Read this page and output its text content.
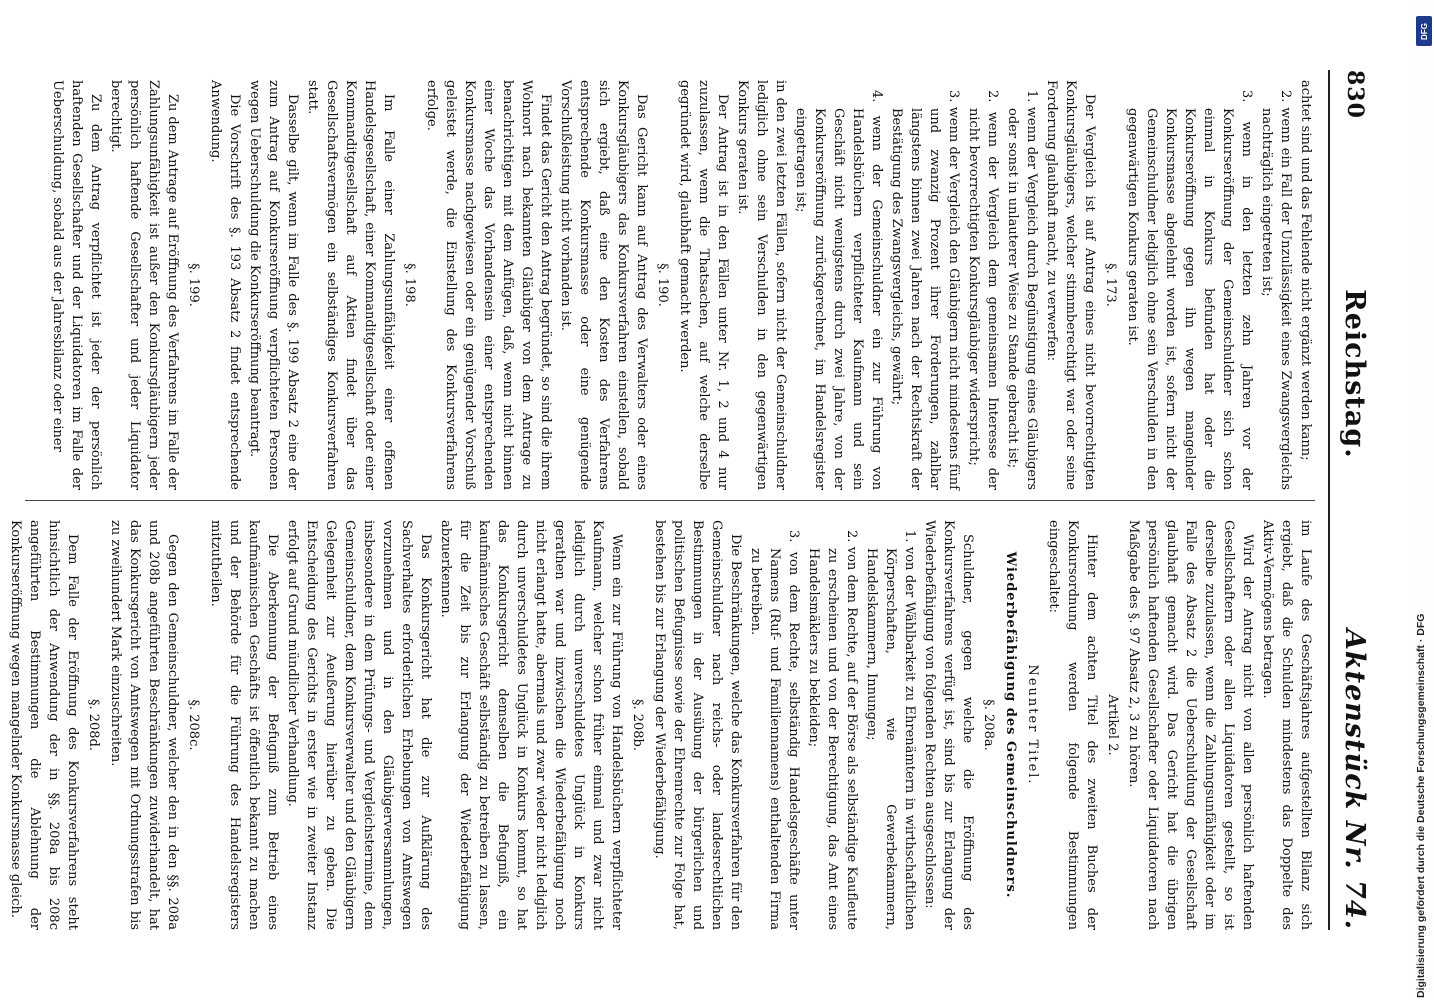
830
Reichstag.
Aktenstück Nr. 74.

achtet sind und das Fehlende nicht ergänzt werden kann;

2. wenn ein Fall der Unzulässigkeit eines Zwangsvergleichs nachträglich eingetreten ist;

3. wenn in den letzten zehn Jahren vor der Konkurseröffnung der Gemeinschuldner sich schon einmal in Konkurs befunden hat oder die Konkurseröffnung gegen ihn wegen mangelnder Konkursmasse abgelehnt worden ist, sofern nicht der Gemeinschuldner lediglich ohne sein Verschulden in den gegenwärtigen Konkurs geraten ist.

§. 173.

Der Vergleich ist auf Antrag eines nicht bevorrechtigten Konkursgläubigers, welcher stimmberechtigt war oder seine Forderung glaubhaft macht, zu verwerfen:

1. wenn der Vergleich durch Begünstigung eines Gläubigers oder sonst in unlauterer Weise zu Stande gebracht ist;

2. wenn der Vergleich dem gemeinsamen Interesse der nicht bevorrechtigten Konkursgläubiger widerspricht;

3. wenn der Vergleich den Gläubigern nicht mindestens fünf und zwanzig Prozent ihrer Forderungen, zahlbar längstens binnen zwei Jahren nach der Rechtskraft der Bestätigung des Zwangsvergleichs, gewährt;

4. wenn der Gemeinschuldner ein zur Führung von Handelsbüchern verpflichteter Kaufmann und sein Geschäft nicht wenigstens durch zwei Jahre, von der Konkurseröffnung zurückgerechnet, im Handelsregister eingetragen ist;

in den zwei letzten Fällen, sofern nicht der Gemeinschuldner lediglich ohne sein Verschulden in den gegenwärtigen Konkurs geraten ist.

Der Antrag ist in den Fällen unter Nr. 1, 2 und 4 nur zuzulassen, wenn die Thatsachen, auf welche derselbe gegründet wird, glaubhaft gemacht werden.

§. 190.

Das Gericht kann auf Antrag des Verwalters oder eines Konkursgläubigers das Konkursverfahren einstellen, sobald sich ergiebt, daß eine den Kosten des Verfahrens entsprechende Konkursmasse oder eine genügende Vorschußleistung nicht vorhanden ist.

Findet das Gericht den Antrag begründet, so sind die ihrem Wohnort nach bekannten Gläubiger von dem Antrage zu benachrichtigen mit dem Anfügen, daß, wenn nicht binnen einer Woche das Vorhandensein einer entsprechenden Konkursmasse nachgewiesen oder ein genügender Vorschuß geleistet werde, die Einstellung des Konkursverfahrens erfolge.

§. 198.

Im Falle einer Zahlungsunfähigkeit einer offenen Handelsgesellschaft, einer Kommanditgesellschaft oder einer Kommanditgesellschaft auf Aktien findet über das Gesellschaftsvermögen ein selbständiges Konkursverfahren statt.

Dasselbe gilt, wenn im Falle des §. 199 Absatz 2 eine der zum Antrag auf Konkurseröffnung verpflichteten Personen wegen Ueberschuldung die Konkurseröffnung beantragt.

Die Vorschrift des §. 193 Absatz 2 findet entsprechende Anwendung.

§. 199.

Zu dem Antrage auf Eröffnung des Verfahrens im Falle der Zahlungsunfähigkeit ist außer den Konkursgläubigern jeder persönlich haftende Gesellschafter und jeder Liquidator berechtigt.

Zu dem Antrag verpflichtet ist jeder der persönlich haftenden Gesellschafter und der Liquidatoren im Falle der Ueberschuldung, sobald aus der Jahresbilanz oder einer

im Laufe des Geschäftsjahres aufgestellten Bilanz sich ergiebt, daß die Schulden mindestens das Doppelte des Aktiv-Vermögens betragen.

Wird der Antrag nicht von allen persönlich haftenden Gesellschaftern oder allen Liquidatoren gestellt, so ist derselbe zuzulassen, wenn die Zahlungsunfähigkeit oder im Falle des Absatz 2 die Ueberschuldung der Gesellschaft glaubhaft gemacht wird. Das Gericht hat die übrigen persönlich haftenden Gesellschafter oder Liquidatoren nach Maßgabe des §. 97 Absatz 2, 3 zu hören.

Artikel 2.

Hinter dem achten Titel des zweiten Buches der Konkursordnung werden folgende Bestimmungen eingeschaltet:

Neunter Titel.

Wiederbefähigung des Gemeinschuldners.

§. 208a.

Schuldner, gegen welche die Eröffnung des Konkursverfahrens verfügt ist, sind bis zur Erlangung der Wiederbefähigung von folgenden Rechten ausgeschlossen:

1. von der Wählbarkeit zu Ehrenämtern in wirthschaftlichen Körperschaften, wie Gewerbekammern, Handelskammern, Innungen;

2. von dem Rechte, auf der Börse als selbständige Kaufleute zu erscheinen und von der Berechtigung, das Amt eines Handelsmäklers zu bekleiden;

3. von dem Rechte, selbständig Handelsgeschäfte unter Namens (Ruf- und Familiennamens) enthaltenden Firma zu betreiben.

Die Beschränkungen, welche das Konkursverfahren für den Gemeinschuldner nach reichs- oder landesrechtlichen Bestimmungen in der Ausübung der bürgerlichen und politischen Befugnisse sowie der Ehrenrechte zur Folge hat, bestehen bis zur Erlangung der Wiederbefähigung.

§. 208b.

Wenn ein zur Führung von Handelsbüchern verpflichteter Kaufmann, welcher schon früher einmal und zwar nicht lediglich durch unverschuldetes Unglück in Konkurs gerathen war und inzwischen die Wiederbefähigung noch nicht erlangt hatte, abermals und zwar wieder nicht lediglich durch unverschuldetes Unglück in Konkurs kommt, so hat das Konkursgericht demselben die Befugniß, ein kaufmännisches Geschäft selbständig zu betreiben zu lassen, für die Zeit bis zur Erlangung der Wiederbefähigung abzuerkennen.

Das Konkursgericht hat die zur Aufklärung des Sachverhaltes erforderlichen Erhebungen von Amtswegen vorzunehmen und in den Gläubigerversammlungen, insbesondere in dem Prüfungs- und Vergleichstermine, dem Gemeinschuldner, dem Konkursverwalter und den Gläubigern Gelegenheit zur Aeußerung hierüber zu geben. Die Entscheidung des Gerichts in erster wie in zweiter Instanz erfolgt auf Grund mündlicher Verhandlung.

Die Aberkennung der Befugniß zum Betrieb eines kaufmännischen Geschäfts ist öffentlich bekannt zu machen und der Behörde für die Führung des Handelsregisters mitzutheilen.

§. 208c.

Gegen den Gemeinschuldner, welcher den in den §§. 208a und 208b angeführten Beschränkungen zuwiderhandelt, hat das Konkursgericht von Amtswegen mit Ordnungsstrafen bis zu zweihundert Mark einzuschreiten.

§. 208d.

Dem Falle der Eröffnung des Konkursverfahrens steht hinsichtlich der Anwendung der in §§. 208a bis 208c angeführten Bestimmungen die Ablehnung der Konkurseröffnung wegen mangelnder Konkursmasse gleich.

DFG
Digitalisierung gefördert durch die Deutsche Forschungsgemeinschaft · DFG
